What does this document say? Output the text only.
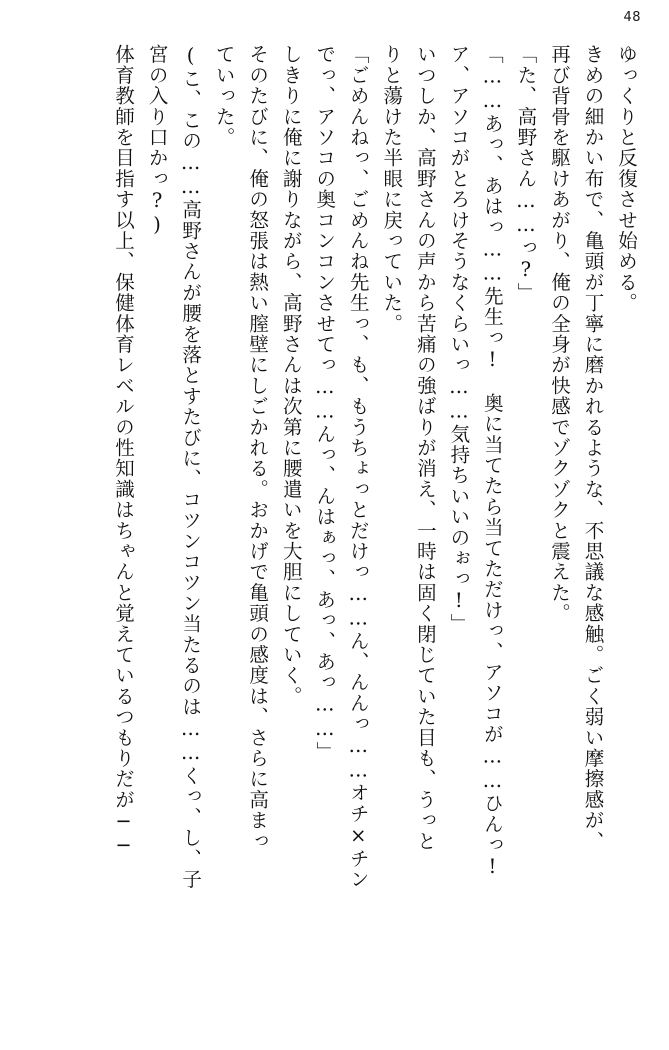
48

ゆっくりと反復させ始める。

きめの細かい布で、亀頭が丁寧に磨かれるような、不思議な感触。ごく弱い摩擦感が、

再び背骨を駆けあがり、俺の全身が快感でゾクゾクと震えた。

「た、高野さん……っ?」

「……あっ、あはっ……先生っ!　奥に当てたら当てただけっ、アソコが……ひんっ!

ア、アソコがとろけそうなくらいっ……気持ちいいのぉっ!」

いつしか、高野さんの声から苦痛の強ばりが消え、一時は固く閉じていた目も、うっと

りと蕩けた半眼に戻っていた。

「ごめんねっ、ごめんね先生っ、も、もうちょっとだけっ……ん、んんっ……オチ×チン

でっ、アソコの奥コンコンさせてっ……んっ、んはぁっ、あっ、あっ……」

しきりに俺に謝りながら、高野さんは次第に腰遣いを大胆にしていく。

そのたびに、俺の怒張は熱い膣壁にしごかれる。おかげで亀頭の感度は、さらに高まっ

ていった。

(こ、この……高野さんが腰を落とすたびに、コツンコツン当たるのは……くっ、し、子

宮の入り口かっ?)

体育教師を目指す以上、保健体育レベルの性知識はちゃんと覚えているつもりだが──
